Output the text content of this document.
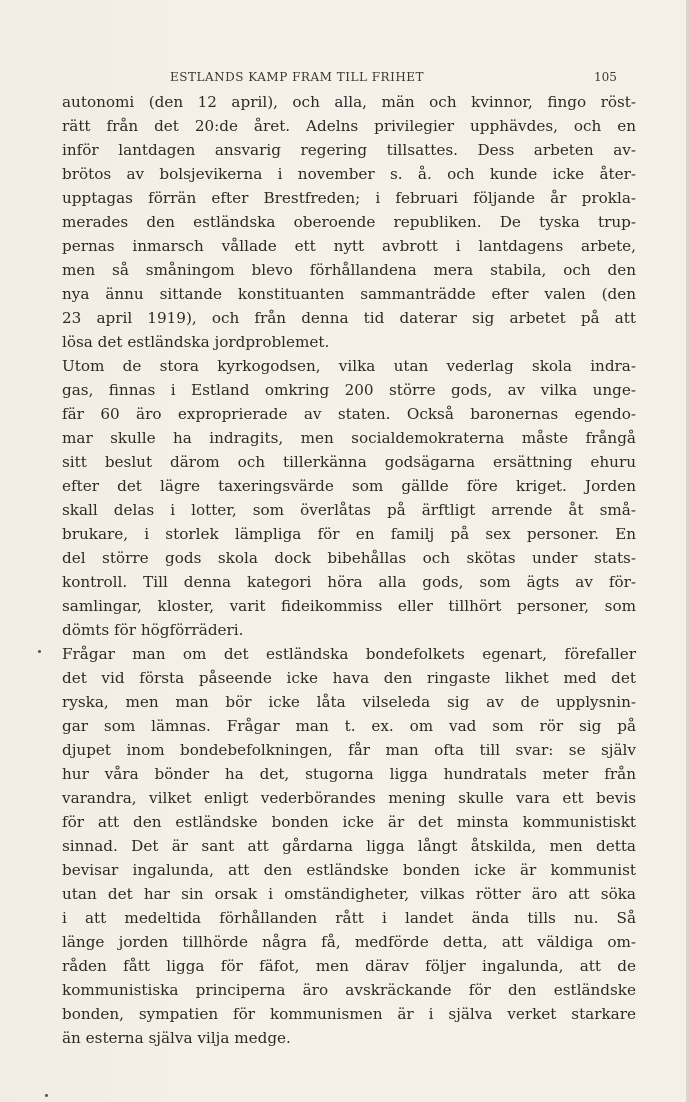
ESTLANDS KAMP FRAM TILL FRIHET	105
autonomi (den 12 april), och alla, män och kvinnor, fingo röst-
rätt från det 20:de året. Adelns privilegier upphävdes, och en
inför lantdagen ansvarig regering tillsattes. Dess arbeten av-
brötos av bolsjevikerna i november s. å. och kunde icke åter-
upptagas förrän efter Brestfreden; i februari följande år prokla-
merades den estländska oberoende republiken. De tyska trup-
pernas inmarsch vållade ett nytt avbrott i lantdagens arbete,
men så småningom blevo förhållandena mera stabila, och den
nya ännu sittande konstituanten sammanträdde efter valen (den
23 april 1919), och från denna tid daterar sig arbetet på att
lösa det estländska jordproblemet.
Utom de stora kyrkogodsen, vilka utan vederlag skola indra-
gas, finnas i Estland omkring 200 större gods, av vilka unge-
fär 60 äro exproprierade av staten. Också baronernas egendo-
mar skulle ha indragits, men socialdemokraterna måste frångå
sitt beslut därom och tillerkänna godsägarna ersättning ehuru
efter det lägre taxeringsvärde som gällde före kriget. Jorden
skall delas i lotter, som överlåtas på ärftligt arrende åt små-
brukare, i storlek lämpliga för en familj på sex personer. En
del större gods skola dock bibehållas och skötas under stats-
kontroll. Till denna kategori höra alla gods, som ägts av för-
samlingar, kloster, varit fideikommiss eller tillhört personer, som
dömts för högförräderi.
Frågar man om det estländska bondefolkets egenart, förefaller
det vid första påseende icke hava den ringaste likhet med det
ryska, men man bör icke låta vilseleda sig av de upplysnin-
gar som lämnas. Frågar man t. ex. om vad som rör sig på
djupet inom bondebefolkningen, får man ofta till svar: se själv
hur våra bönder ha det, stugorna ligga hundratals meter från
varandra, vilket enligt vederbörandes mening skulle vara ett bevis
för att den estländske bonden icke är det minsta kommunistiskt
sinnad. Det är sant att gårdarna ligga långt åtskilda, men detta
bevisar ingalunda, att den estländske bonden icke är kommunist
utan det har sin orsak i omständigheter, vilkas rötter äro att söka
i att medeltida förhållanden rått i landet ända tills nu. Så
länge jorden tillhörde några få, medförde detta, att väldiga om-
råden fått ligga för fäfot, men därav följer ingalunda, att de
kommunistiska principerna äro avskräckande för den estländske
bonden, sympatien för kommunismen är i själva verket starkare
än esterna själva vilja medge.
